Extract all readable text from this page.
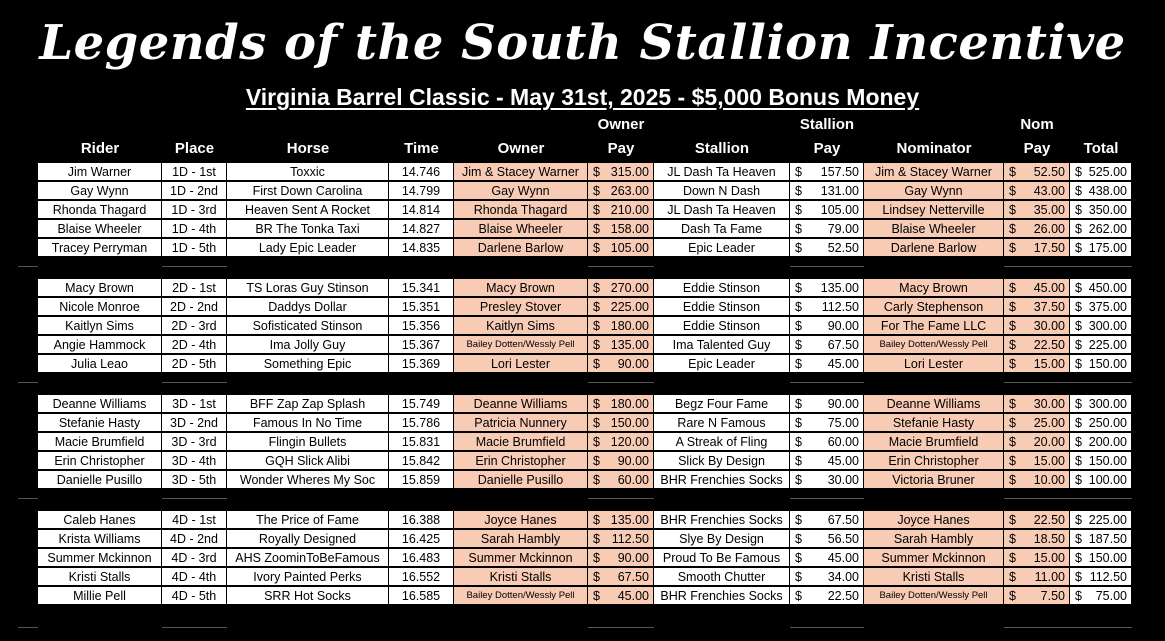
Legends of the South Stallion Incentive
Virginia Barrel Classic - May 31st, 2025 - $5,000 Bonus Money
Rider	Place	Horse	Time	Owner
Owner
Pay	Stallion
Stallion
Pay	Nominator
Nom
Pay	Total
Jim Warner	1D - 1st	Toxxic	14.746	Jim & Stacey Warner	$ 315.00	JL Dash Ta Heaven	$ 157.50	Jim & Stacey Warner	$ 52.50 $ 525.00
Gay Wynn	1D - 2nd	First Down Carolina	14.799	Gay Wynn	$ 263.00	Down N Dash	$ 131.00	Gay Wynn	$ 43.00 $ 438.00
Rhonda Thagard	1D - 3rd	Heaven Sent A Rocket	14.814	Rhonda Thagard	$ 210.00	JL Dash Ta Heaven	$ 105.00	Lindsey Netterville	$ 35.00 $ 350.00
Blaise Wheeler	1D - 4th	BR The Tonka Taxi	14.827	Blaise Wheeler	$ 158.00	Dash Ta Fame	$ 79.00	Blaise Wheeler	$ 26.00 $ 262.00
Tracey Perryman	1D - 5th	Lady Epic Leader	14.835	Darlene Barlow	$ 105.00	Epic Leader	$ 52.50	Darlene Barlow	$ 17.50 $ 175.00
Macy Brown	2D - 1st	TS Loras Guy Stinson	15.341	Macy Brown	$ 270.00	Eddie Stinson	$ 135.00	Macy Brown	$ 45.00 $ 450.00
Nicole Monroe	2D - 2nd	Daddys Dollar	15.351	Presley Stover	$ 225.00	Eddie Stinson	$ 112.50	Carly Stephenson	$ 37.50 $ 375.00
Kaitlyn Sims	2D - 3rd	Sofisticated Stinson	15.356	Kaitlyn Sims	$ 180.00	Eddie Stinson	$ 90.00	For The Fame LLC	$ 30.00 $ 300.00
Angie Hammock	2D - 4th	Ima Jolly Guy	15.367	Bailey Dotten/Wessly Pell	$ 135.00	Ima Talented Guy	$ 67.50	Bailey Dotten/Wessly Pell	$ 22.50 $ 225.00
Julia Leao	2D - 5th	Something Epic	15.369	Lori Lester	$ 90.00	Epic Leader	$ 45.00	Lori Lester	$ 15.00 $ 150.00
Deanne Williams	3D - 1st	BFF Zap Zap Splash	15.749	Deanne Williams	$ 180.00	Begz Four Fame	$ 90.00	Deanne Williams	$ 30.00 $ 300.00
Stefanie Hasty	3D - 2nd	Famous In No Time	15.786	Patricia Nunnery	$ 150.00	Rare N Famous	$ 75.00	Stefanie Hasty	$ 25.00 $ 250.00
Macie Brumfield	3D - 3rd	Flingin Bullets	15.831	Macie Brumfield	$ 120.00	A Streak of Fling	$ 60.00	Macie Brumfield	$ 20.00 $ 200.00
Erin Christopher	3D - 4th	GQH Slick Alibi	15.842	Erin Christopher	$ 90.00	Slick By Design	$ 45.00	Erin Christopher	$ 15.00 $ 150.00
Danielle Pusillo	3D - 5th	Wonder Wheres My Soc	15.859	Danielle Pusillo	$ 60.00 BHR Frenchies Socks $ 30.00	Victoria Bruner	$ 10.00 $ 100.00
Caleb Hanes	4D - 1st	The Price of Fame	16.388	Joyce Hanes	$ 135.00 BHR Frenchies Socks $ 67.50	Joyce Hanes	$ 22.50 $ 225.00
Krista Williams	4D - 2nd	Royally Designed	16.425	Sarah Hambly	$ 112.50	Slye By Design	$ 56.50	Sarah Hambly	$ 18.50 $ 187.50
Summer Mckinnon	4D - 3rd	AHS ZoominToBeFamous	16.483	Summer Mckinnon	$ 90.00	Proud To Be Famous	$ 45.00	Summer Mckinnon	$ 15.00 $ 150.00
Kristi Stalls	4D - 4th	Ivory Painted Perks	16.552	Kristi Stalls	$ 67.50	Smooth Chutter	$ 34.00	Kristi Stalls	$ 11.00 $ 112.50
Millie Pell	4D - 5th	SRR Hot Socks	16.585	Bailey Dotten/Wessly Pell	$ 45.00 BHR Frenchies Socks $ 22.50	Bailey Dotten/Wessly Pell	$ 7.50 $ 75.00
